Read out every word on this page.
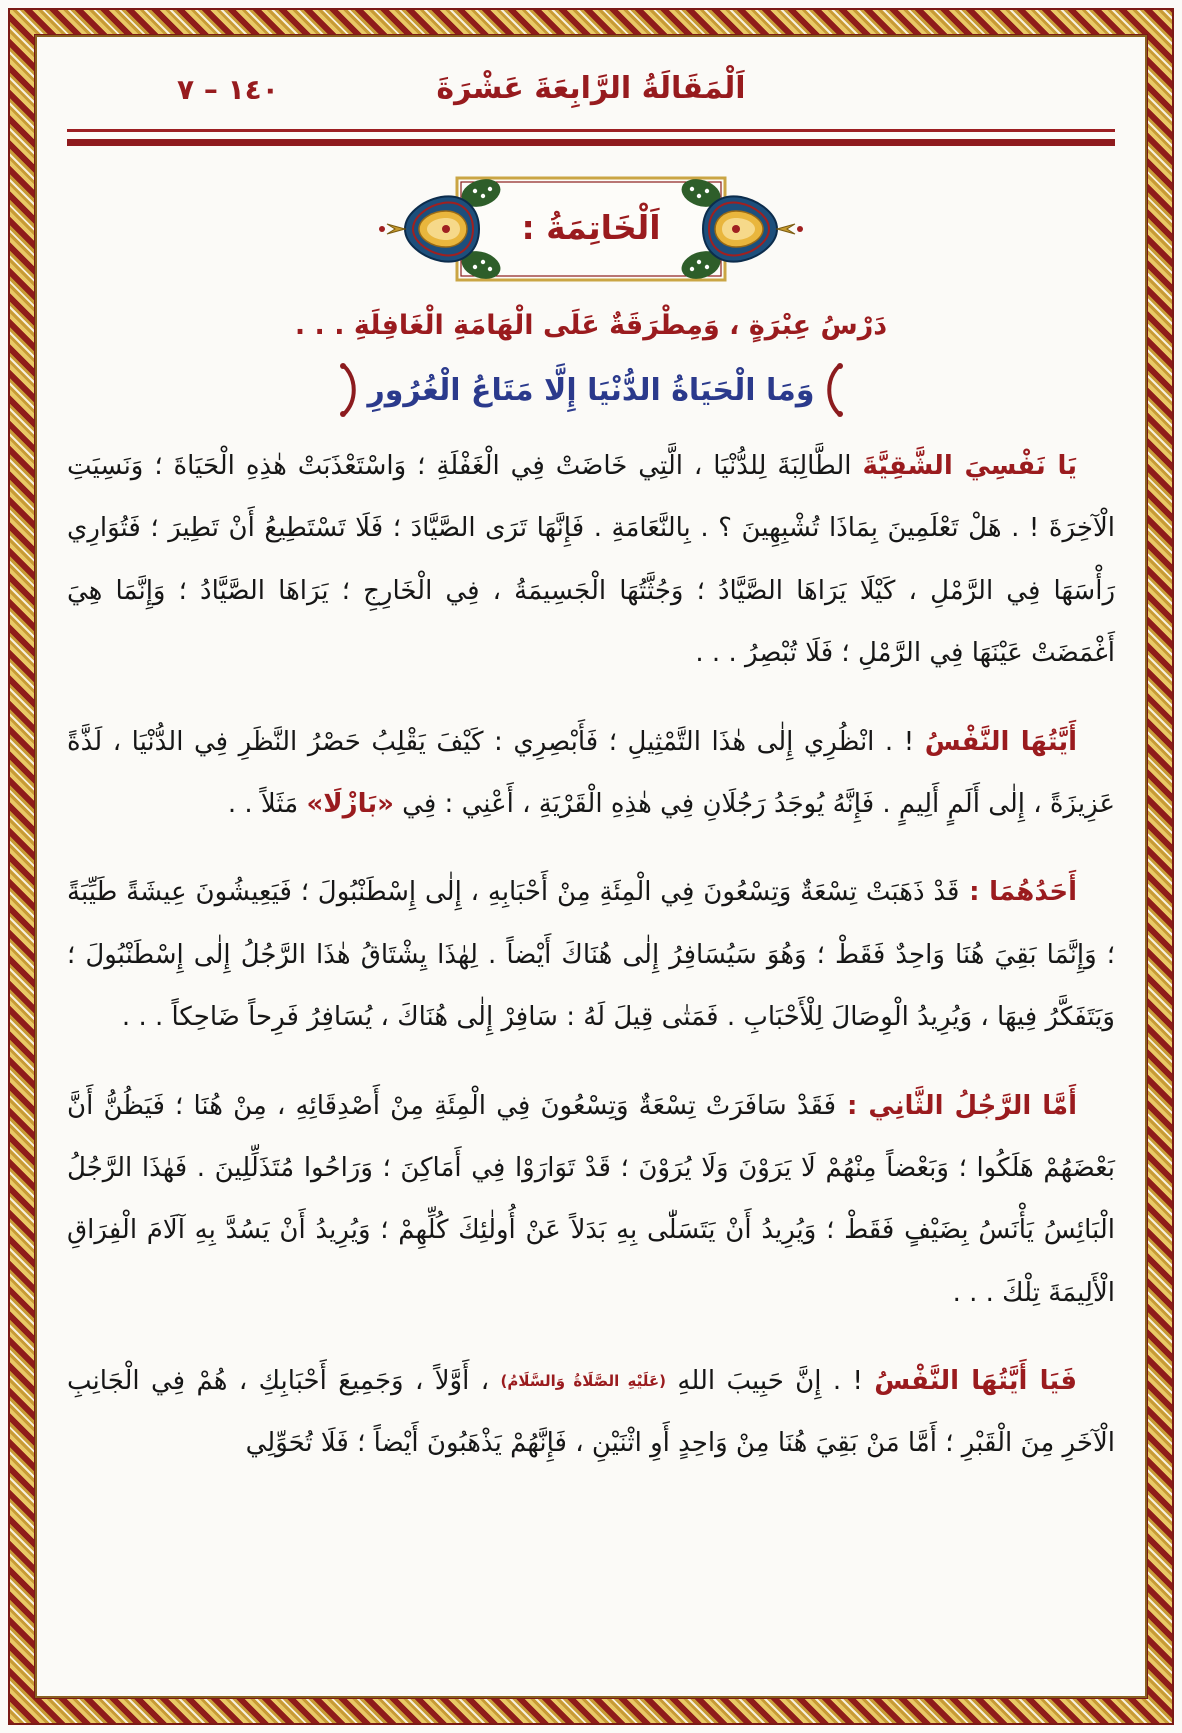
اَلْمَقَالَةُ الرَّابِعَةَ عَشْرَةَ
١٤٠ – ٧
اَلْخَاتِمَةُ :
دَرْسُ عِبْرَةٍ ، وَمِطْرَقَةٌ عَلَى الْهَامَةِ الْغَافِلَةِ . . .
وَمَا الْحَيَاةُ الدُّنْيَا إِلَّا مَتَاعُ الْغُرُورِ

يَا نَفْسِيَ الشَّقِيَّةَ الطَّالِبَةَ لِلدُّنْيَا ، الَّتِي خَاضَتْ فِي الْغَفْلَةِ ؛ وَاسْتَعْذَبَتْ هٰذِهِ الْحَيَاةَ ؛ وَنَسِيَتِ الْآخِرَةَ ! . هَلْ تَعْلَمِينَ بِمَاذَا تُشْبِهِينَ ؟ . بِالنَّعَامَةِ . فَإِنَّهَا تَرَى الصَّيَّادَ ؛ فَلَا تَسْتَطِيعُ أَنْ تَطِيرَ ؛ فَتُوَارِي رَأْسَهَا فِي الرَّمْلِ ، كَيْلَا يَرَاهَا الصَّيَّادُ ؛ وَجُثَّتُهَا الْجَسِيمَةُ ، فِي الْخَارِجِ ؛ يَرَاهَا الصَّيَّادُ ؛ وَإِنَّمَا هِيَ أَغْمَضَتْ عَيْنَهَا فِي الرَّمْلِ ؛ فَلَا تُبْصِرُ . . .

أَيَّتُهَا النَّفْسُ ! . انْظُرِي إِلٰى هٰذَا التَّمْثِيلِ ؛ فَأَبْصِرِي : كَيْفَ يَقْلِبُ حَصْرُ النَّظَرِ فِي الدُّنْيَا ، لَذَّةً عَزِيزَةً ، إِلٰى أَلَمٍ أَلِيمٍ . فَإِنَّهُ يُوجَدُ رَجُلَانِ فِي هٰذِهِ الْقَرْيَةِ ، أَعْنِي : فِي «بَازْلَا» مَثَلاً . .

أَحَدُهُمَا : قَدْ ذَهَبَتْ تِسْعَةٌ وَتِسْعُونَ فِي الْمِئَةِ مِنْ أَحْبَابِهِ ، إِلٰى إِسْطَنْبُولَ ؛ فَيَعِيشُونَ عِيشَةً طَيِّبَةً ؛ وَإِنَّمَا بَقِيَ هُنَا وَاحِدٌ فَقَطْ ؛ وَهُوَ سَيُسَافِرُ إِلٰى هُنَاكَ أَيْضاً . لِهٰذَا يِشْتَاقُ هٰذَا الرَّجُلُ إِلٰى إِسْطَنْبُولَ ؛ وَيَتَفَكَّرُ فِيهَا ، وَيُرِيدُ الْوِصَالَ لِلْأَحْبَابِ . فَمَتٰى قِيلَ لَهُ : سَافِرْ إِلٰى هُنَاكَ ، يُسَافِرُ فَرِحاً ضَاحِكاً . . .

أَمَّا الرَّجُلُ الثَّانِي : فَقَدْ سَافَرَتْ تِسْعَةٌ وَتِسْعُونَ فِي الْمِئَةِ مِنْ أَصْدِقَائِهِ ، مِنْ هُنَا ؛ فَيَظُنُّ أَنَّ بَعْضَهُمْ هَلَكُوا ؛ وَبَعْضاً مِنْهُمْ لَا يَرَوْنَ وَلَا يُرَوْنَ ؛ قَدْ تَوَارَوْا فِي أَمَاكِنَ ؛ وَرَاحُوا مُتَذَلِّلِينَ . فَهٰذَا الرَّجُلُ الْبَائِسُ يَأْنَسُ بِضَيْفٍ فَقَطْ ؛ وَيُرِيدُ أَنْ يَتَسَلّٰى بِهِ بَدَلاً عَنْ أُولٰئِكَ كُلِّهِمْ ؛ وَيُرِيدُ أَنْ يَسُدَّ بِهِ آلَامَ الْفِرَاقِ الْأَلِيمَةَ تِلْكَ . . .

فَيَا أَيَّتُهَا النَّفْسُ ! . إِنَّ حَبِيبَ اللهِ (عَلَيْهِ الصَّلَاةُ وَالسَّلَامُ) ، أَوَّلاً ، وَجَمِيعَ أَحْبَابِكِ ، هُمْ فِي الْجَانِبِ الْآخَرِ مِنَ الْقَبْرِ ؛ أَمَّا مَنْ بَقِيَ هُنَا مِنْ وَاحِدٍ أَوِ اثْنَيْنِ ، فَإِنَّهُمْ يَذْهَبُونَ أَيْضاً ؛ فَلَا تُحَوِّلِي
